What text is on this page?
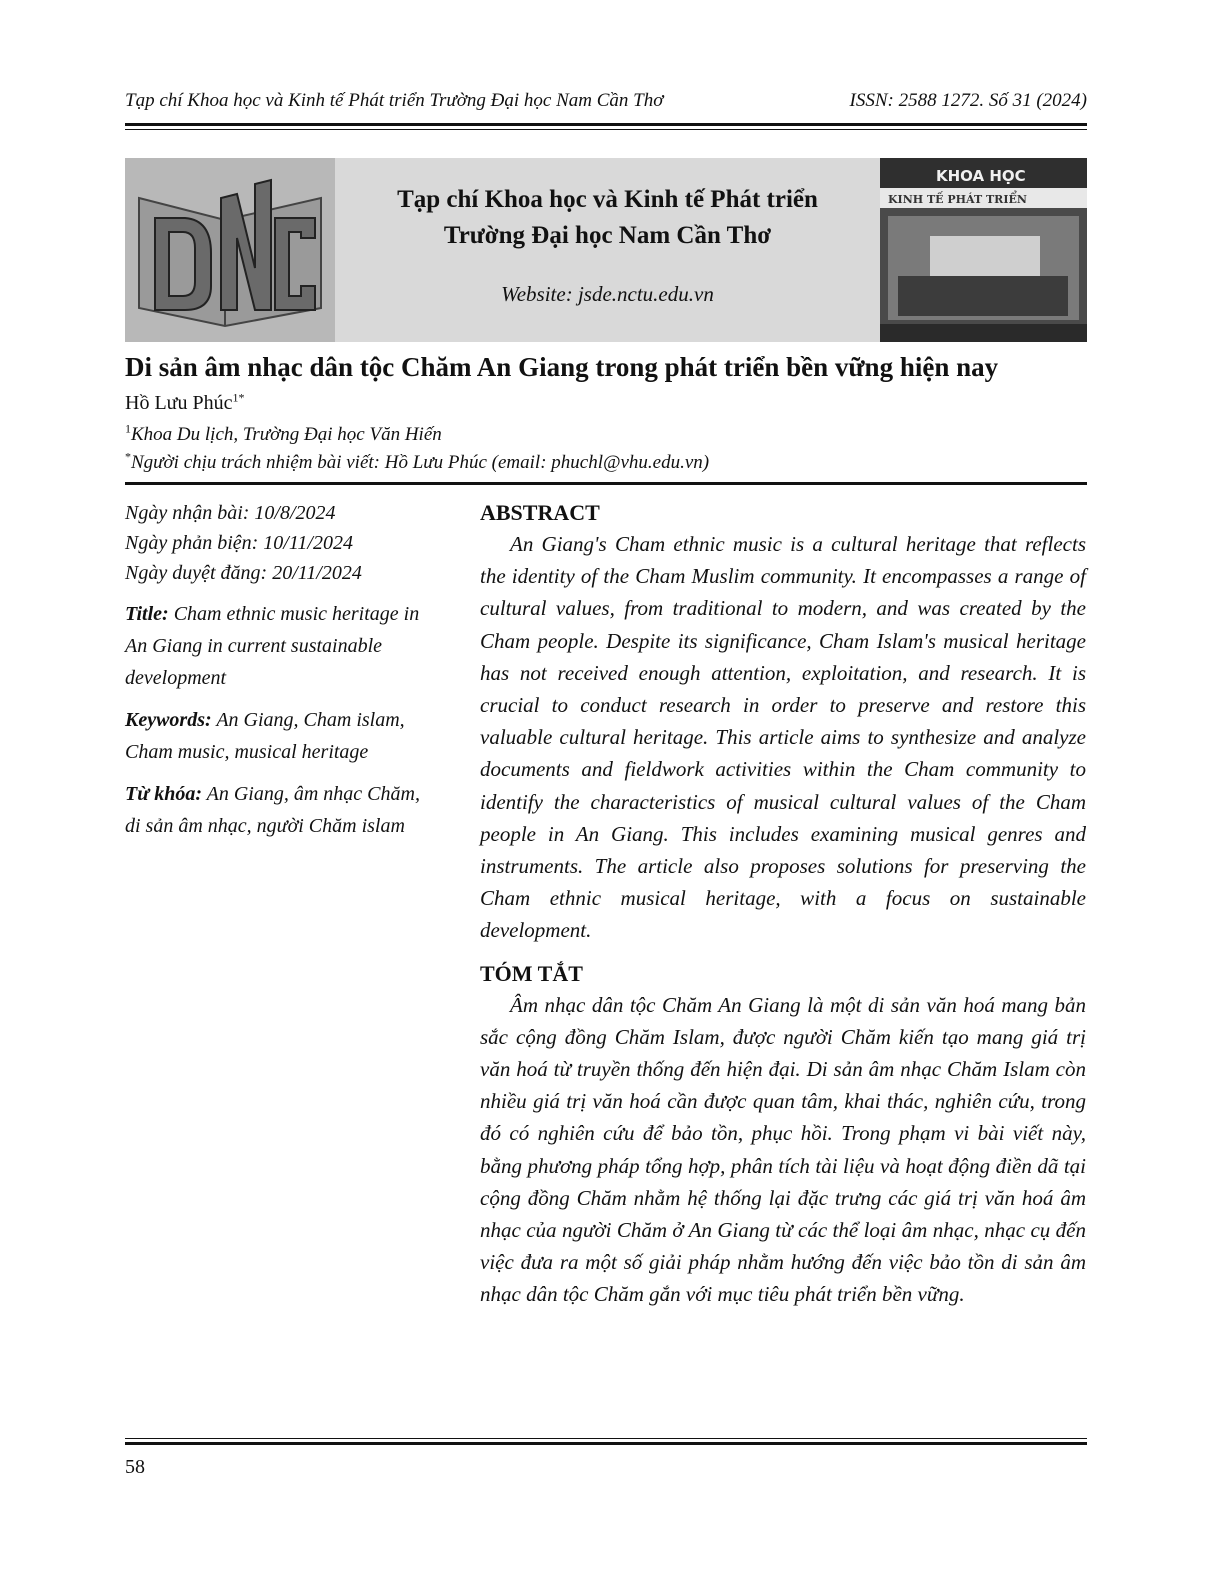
Tạp chí Khoa học và Kinh tế Phát triển Trường Đại học Nam Cần Thơ	ISSN: 2588 1272. Số 31 (2024)
DNC
Tạp chí Khoa học và Kinh tế Phát triển
Trường Đại học Nam Cần Thơ
Website: jsde.nctu.edu.vn
KHOA HỌC
KINH TẾ PHÁT TRIỂN
Di sản âm nhạc dân tộc Chăm An Giang trong phát triển bền vững hiện nay
Hồ Lưu Phúc$^{1*}$
$^1$Khoa Du lịch, Trường Đại học Văn Hiến
*Người chịu trách nhiệm bài viết: Hồ Lưu Phúc (email: phuchl@vhu.edu.vn)
Ngày nhận bài: 10/8/2024
Ngày phản biện: 10/11/2024
Ngày duyệt đăng: 20/11/2024
Title: Cham ethnic music heritage in An Giang in current sustainable development
Keywords: An Giang, Cham islam, Cham music, musical heritage
Từ khóa: An Giang, âm nhạc Chăm, di sản âm nhạc, người Chăm islam
ABSTRACT

An Giang's Cham ethnic music is a cultural heritage that reflects the identity of the Cham Muslim community. It encompasses a range of cultural values, from traditional to modern, and was created by the Cham people. Despite its significance, Cham Islam's musical heritage has not received enough attention, exploitation, and research. It is crucial to conduct research in order to preserve and restore this valuable cultural heritage. This article aims to synthesize and analyze documents and fieldwork activities within the Cham community to identify the characteristics of musical cultural values of the Cham people in An Giang. This includes examining musical genres and instruments. The article also proposes solutions for preserving the Cham ethnic musical heritage, with a focus on sustainable development.

TÓM TẮT

Âm nhạc dân tộc Chăm An Giang là một di sản văn hoá mang bản sắc cộng đồng Chăm Islam, được người Chăm kiến tạo mang giá trị văn hoá từ truyền thống đến hiện đại. Di sản âm nhạc Chăm Islam còn nhiều giá trị văn hoá cần được quan tâm, khai thác, nghiên cứu, trong đó có nghiên cứu để bảo tồn, phục hồi. Trong phạm vi bài viết này, bằng phương pháp tổng hợp, phân tích tài liệu và hoạt động điền dã tại cộng đồng Chăm nhằm hệ thống lại đặc trưng các giá trị văn hoá âm nhạc của người Chăm ở An Giang từ các thể loại âm nhạc, nhạc cụ đến việc đưa ra một số giải pháp nhằm hướng đến việc bảo tồn di sản âm nhạc dân tộc Chăm gắn với mục tiêu phát triển bền vững.

58
